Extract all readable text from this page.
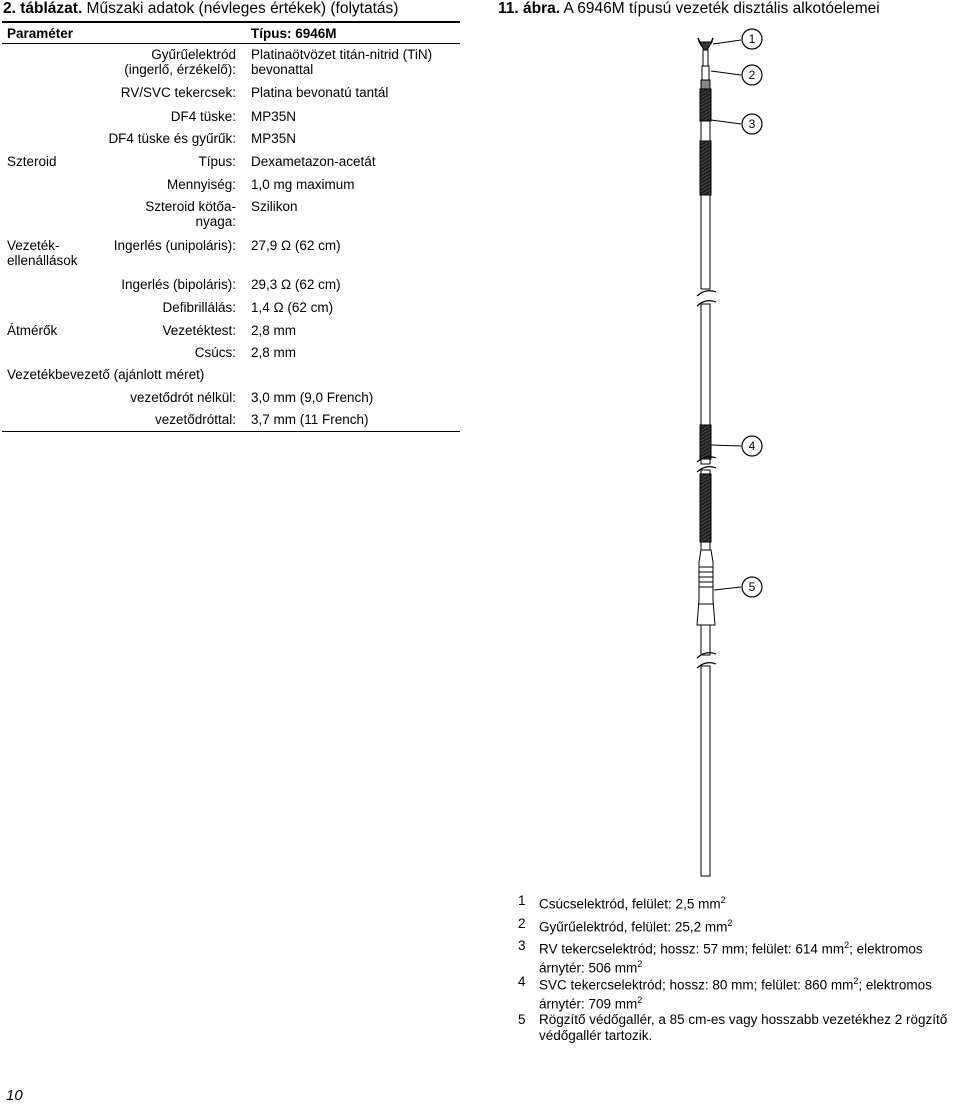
2. táblázat. Műszaki adatok (névleges értékek) (folytatás)
Paraméter	Típus: 6946M
Gyűrűelektród
(ingerlő, érzékelő):
Platinaötvözet titán-nitrid (TiN)
bevonattal
RV/SVC tekercsek: Platina bevonatú tantál
DF4 tüske: MP35N
DF4 tüske és gyűrűk: MP35N
Szteroid	Típus: Dexametazon-acetát
Mennyiség: 1,0 mg maximum
Szteroid kötőa-
nyaga:
Szilikon
Vezeték-
ellenállások
Ingerlés (unipoláris): 27,9 Ω (62 cm)
Ingerlés (bipoláris): 29,3 Ω (62 cm)
Defibrillálás: 1,4 Ω (62 cm)
Átmérők	Vezetéktest: 2,8 mm
Csúcs: 2,8 mm
Vezetékbevezető (ajánlott méret)
vezetődrót nélkül: 3,0 mm (9,0 French)
vezetődróttal: 3,7 mm (11 French)
11. ábra. A 6946M típusú vezeték disztális alkotóelemei
1
2
3
4
5
1 Csúcselektród, felület: 2,5 $mm^2$
2 Gyűrűelektród, felület: 25,2 $mm^2$
3 RV tekercselektród; hossz: 57 mm; felület: 614 $mm^2$; elektromos árnytér: 506 $mm^2$
4 SVC tekercselektród; hossz: 80 mm; felület: 860 $mm^2$; elektromos árnytér: 709 $mm^2$
5 Rögzítő védőgallér, a 85 cm-es vagy hosszabb vezetékhez 2 rögzítő védőgallér tartozik.
10
